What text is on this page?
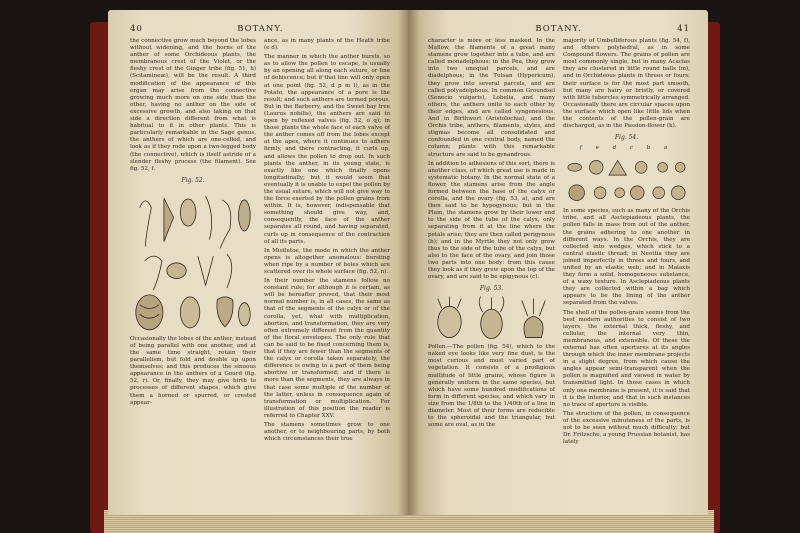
40	BOTANY.

the connective grow much beyond the lobes without widening, and the horns of the anther of some Orchideous plants, the membranous crest of the Violet, or the fleshy crest of the Ginger tribe (fig. 51, h) (Scitamineæ), will be the result. A third modification of the appearance of this organ may arise from the connective growing much more on one side than the other, having no anther on the side of excessive growth, and also taking on that side a direction different from what is habitual to it in other plants. This is particularly remarkable in the Sage genus, the anthers of which are one-celled, and look as if they rode upon a two-legged body (the connective), which is itself astride of a slender fleshy process (the filament). See fig. 52, f.

Fig. 52.

Occasionally the lobes of the anther, instead of being parallel with one another, and at the same time straight, retain their parallelism, but fold and double up upon themselves; and this produces the sinuous appearance in the anthers of a Gourd (fig. 52, r). Or, finally, they may give birth to processes of different shapes, which give them a horned or spurred, or crested appear-

ance, as in many plants of the Heath tribe (e d).

The manner in which the anther bursts, so as to allow the pollen to escape, is usually by an opening all along each suture, or line of dehiscence; but if that line will only open at one point (fig. 52, d p m l), as in the Potato, the appearance of a pore is the result; and such anthers are termed porous. But in the Barberry, and the Sweet bay tree (Laurus nobilis), the anthers are said to open by reflexed valves (fig. 52, o q); in those plants the whole face of each valve of the anther comes off from the lobes except at the apex, where it continues to adhere firmly, and there contracting, it curls up, and allows the pollen to drop out. In such plants the anther, in its young state, is exactly like one which finally opens longitudinally; but it would seem that eventually it is unable to expel the pollen by the usual suture, which will not give way to the force exerted by the pollen grains from within. It is, however, indispensable that something should give way, and, consequently, the face of the anther separates all round, and having separated, curls up in consequence of the contraction of all its parts.

In Mistletoe, the mode in which the anther opens is altogether anomalous: bursting when ripe by a number of holes which are scattered over its whole surface (fig. 52, n).

In their number the stamens follow no constant rule; for although it is certain, as will be hereafter proved, that their most normal number is, in all cases, the same as that of the segments of the calyx or of the corolla, yet, what with multiplication, abortion, and transformation, they are very often extremely different from the quantity of the floral envelopes. The only rule that can be said to be fixed concerning them is, that if they are fewer than the segments of the calyx or corolla taken separately, the difference is owing to a part of them being abortive or transformed; and if there is more than the segments, they are always in that case some multiple of the number of the latter, unless in consequence again of transformation or multiplication. For illustration of this position the reader is referred to Chapter XXV.

The stamens sometimes grow to one another, or to neighbouring parts, by both which circumstances their true

BOTANY.	41

character is more or less masked. In the Mallow, the filaments of a great many stamens grow together into a tube, and are called monadelphous; in the Pea, they grow into two unequal parcels, and are diadelphous; in the Tutsan (Hypericum), they grow into several parcels, and are called polyadelphous. In common Groundsel (Senecio vulgaris), Lobelia, and many others, the anthers unite to each other by their edges, and are called syngenesious. And in Birthwort (Aristolochia), and the Orchis tribe, anthers, filaments, styles, and stigmas become all consolidated and confounded in one central body, named the column; plants with this remarkable structure are said to be gynandrous.

In addition to adhesions of this sort, there is another class, of which great use is made in systematic botany. In the normal state of a flower, the stamens arise from the angle formed between the base of the calyx or corolla, and the ovary (fig. 53, a), and are then said to be hypogynous; but in the Plum, the stamens grow by their lower end to the side of the tube of the calyx, only separating from it at the line where the petals arise; they are then called perigynous (b); and in the Myrtle they not only grow thus to the side of the tube of the calyx, but also to the face of the ovary, and join those two parts into one body: from this cause they look as if they grew upon the top of the ovary, and are said to be epigynous (c).

Fig. 53.

Pollen.—The pollen (fig. 54), which to the naked eye looks like very fine dust, is the most curious and most varied part of vegetation. It consists of a prodigious multitude of little grains, whose figure is generally uniform in the same species, but which have some hundred modifications of form in different species, and which vary in size from the 1/8th to the 1/40th of a line in diameter. Most of their forms are reducible to the spheroidal and the triangular, but some are oval, as in the

majority of Umbelliferous plants (fig. 54, f), and others polyhedral, as in some Compound flowers. The grains of pollen are most commonly single, but in many Acacias they are clustered in little round balls (m), and in Orchideous plants in threes or fours; their surface is for the most part smooth, but many are hairy or bristly, or covered with little tubercles symmetrically arranged. Occasionally there are circular spaces upon the surface which open like little lids when the contents of the pollen-grain are discharged, as in the Passion-flower (k).

Fig. 54.
f e d c b a

In some species, such as many of the Orchis tribe, and all Asclepiadeous plants, the pollen falls in mass from out of the anther, the grains adhering to one another in different ways. In the Orchis, they are collected into wedges, which stick to a central elastic thread; in Neottia they are joined imperfectly in threes and fours, and united by an elastic web; and in Malaxis they form a solid, homogeneous substance, of a waxy texture. In Asclepiadeous plants they are collected within a bag which appears to be the lining of the anther separated from the valves.

The shell of the pollen-grain seems from the best modern authorities to consist of two layers, the external thick, fleshy, and cellular, the internal very thin, membranous, and extensible. Of these the external has often apertures at its angles through which the inner membrane projects in a slight degree, from which cause the angles appear semi-transparent when the pollen is magnified and viewed in water by transmitted light. In those cases in which only one membrane is present, it is said that it is the interior, and that in such instances no trace of aperture is visible.

The structure of the pollen, in consequence of the excessive minuteness of the parts, is not to be seen without much difficulty; but Dr. Fritzsche, a young Prussian botanist, has lately
